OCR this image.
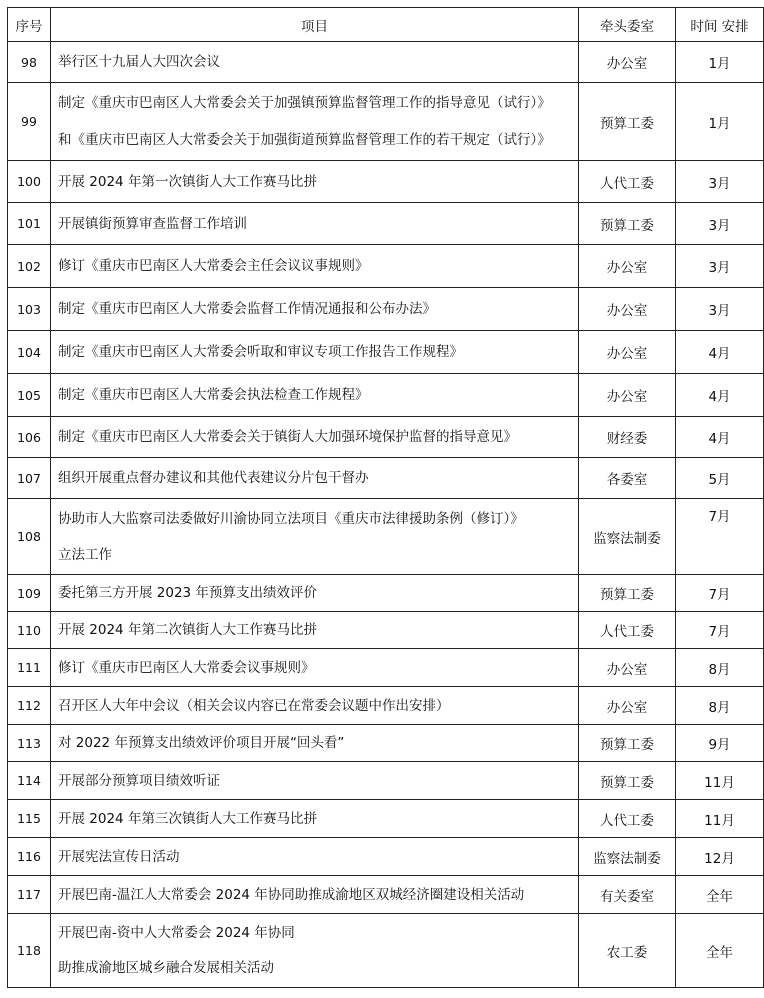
序号	项目	牵头委室	时间 安排
98	举行区十九届人大四次会议	办公室	1月
99	制定《重庆市巴南区人大常委会关于加强镇预算监督管理工作的指导意见（试行）》
和《重庆市巴南区人大常委会关于加强街道预算监督管理工作的若干规定（试行）》	预算工委	1月
100	开展 2024 年第一次镇街人大工作赛马比拼	人代工委	3月
101	开展镇街预算审查监督工作培训	预算工委	3月
102	修订《重庆市巴南区人大常委会主任会议议事规则》	办公室	3月
103	制定《重庆市巴南区人大常委会监督工作情况通报和公布办法》	办公室	3月
104	制定《重庆市巴南区人大常委会听取和审议专项工作报告工作规程》	办公室	4月
105	制定《重庆市巴南区人大常委会执法检查工作规程》	办公室	4月
106	制定《重庆市巴南区人大常委会关于镇街人大加强环境保护监督的指导意见》	财经委	4月
107	组织开展重点督办建议和其他代表建议分片包干督办	各委室	5月
108	协助市人大监察司法委做好川渝协同立法项目《重庆市法律援助条例（修订）》
立法工作	监察法制委	7月
109	委托第三方开展 2023 年预算支出绩效评价	预算工委	7月
110	开展 2024 年第二次镇街人大工作赛马比拼	人代工委	7月
111	修订《重庆市巴南区人大常委会议事规则》	办公室	8月
112	召开区人大年中会议（相关会议内容已在常委会议题中作出安排）	办公室	8月
113	对 2022 年预算支出绩效评价项目开展“回头看”	预算工委	9月
114	开展部分预算项目绩效听证	预算工委	11月
115	开展 2024 年第三次镇街人大工作赛马比拼	人代工委	11月
116	开展宪法宣传日活动	监察法制委	12月
117	开展巴南-温江人大常委会 2024 年协同助推成渝地区双城经济圈建设相关活动	有关委室	全年
118	开展巴南-资中人大常委会 2024 年协同
助推成渝地区城乡融合发展相关活动	农工委	全年
